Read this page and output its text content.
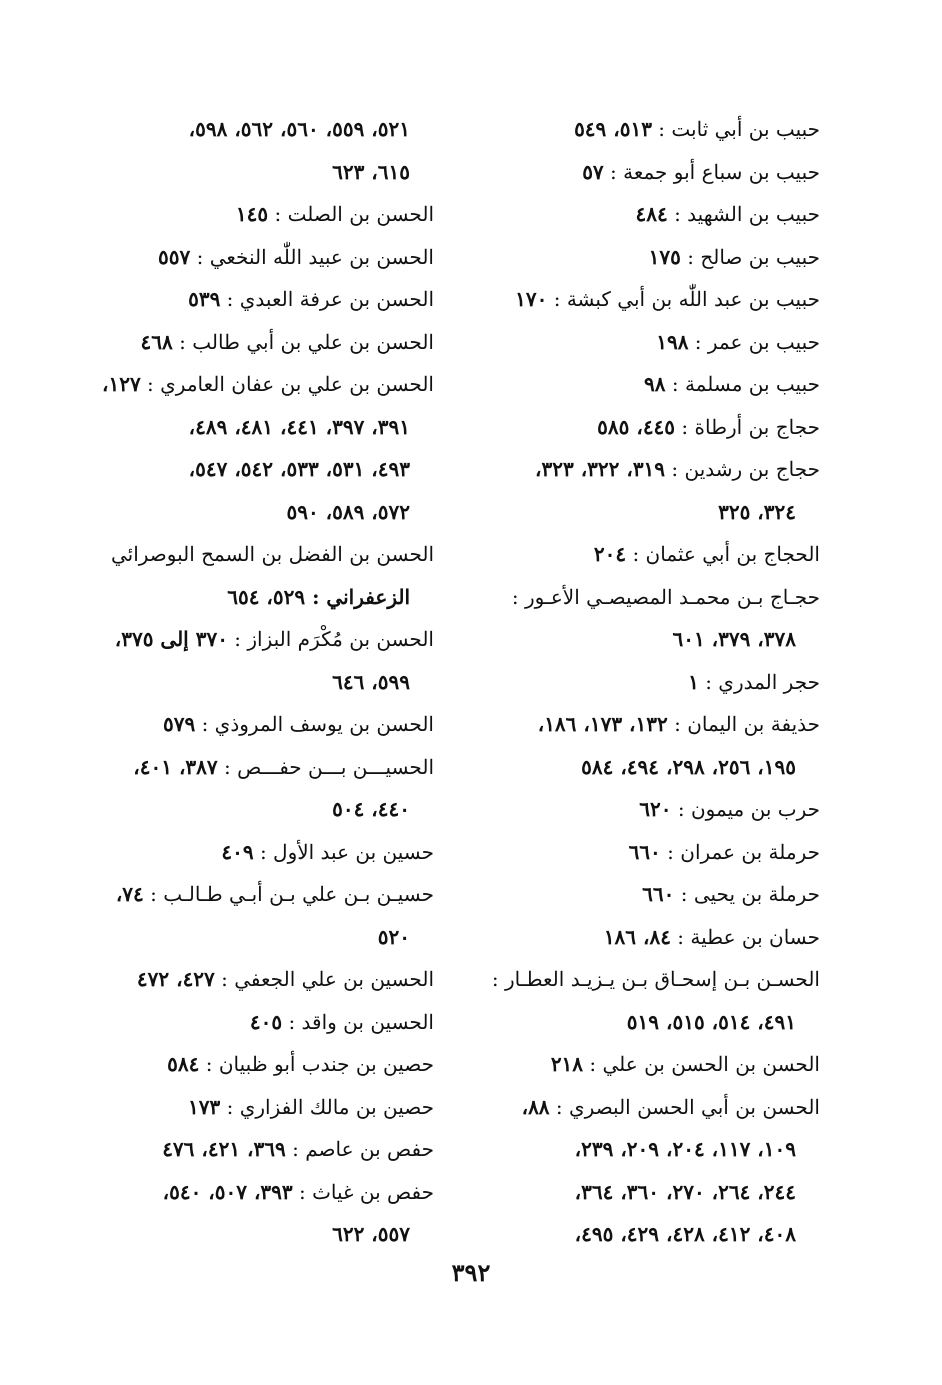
حبيب بن أبي ثابت : ٥١٣، ٥٤٩
حبيب بن سباع أبو جمعة : ٥٧
حبيب بن الشهيد : ٤٨٤
حبيب بن صالح : ١٧٥
حبيب بن عبد اللّٰه بن أبي كبشة : ١٧٠
حبيب بن عمر : ١٩٨
حبيب بن مسلمة : ٩٨
حجاج بن أرطاة : ٤٤٥، ٥٨٥
حجاج بن رشدين : ٣١٩، ٣٢٢، ٣٢٣،
٣٢٤، ٣٢٥
الحجاج بن أبي عثمان : ٢٠٤
حجـاج بـن محمـد المصيصـي الأعـور :
٣٧٨، ٣٧٩، ٦٠١
حجر المدري : ١
حذيفة بن اليمان : ١٣٢، ١٧٣، ١٨٦،
١٩٥، ٢٥٦، ٢٩٨، ٤٩٤، ٥٨٤
حرب بن ميمون : ٦٢٠
حرملة بن عمران : ٦٦٠
حرملة بن يحيى : ٦٦٠
حسان بن عطية : ٨٤، ١٨٦
الحسـن بـن إسحـاق بـن يـزيـد العطـار :
٤٩١، ٥١٤، ٥١٥، ٥١٩
الحسن بن الحسن بن علي : ٢١٨
الحسن بن أبي الحسن البصري : ٨٨،
١٠٩، ١١٧، ٢٠٤، ٢٠٩، ٢٣٩،
٢٤٤، ٢٦٤، ٢٧٠، ٣٦٠، ٣٦٤،
٤٠٨، ٤١٢، ٤٢٨، ٤٢٩، ٤٩٥،
٥٢١، ٥٥٩، ٥٦٠، ٥٦٢، ٥٩٨،
٦١٥، ٦٢٣
الحسن بن الصلت : ١٤٥
الحسن بن عبيد اللّٰه النخعي : ٥٥٧
الحسن بن عرفة العبدي : ٥٣٩
الحسن بن علي بن أبي طالب : ٤٦٨
الحسن بن علي بن عفان العامري : ١٢٧،
٣٩١، ٣٩٧، ٤٤١، ٤٨١، ٤٨٩،
٤٩٣، ٥٣١، ٥٣٣، ٥٤٢، ٥٤٧،
٥٧٢، ٥٨٩، ٥٩٠
الحسن بن الفضل بن السمح البوصرائي
الزعفراني : ٥٢٩، ٦٥٤
الحسن بن مُكْرَم البزاز : ٣٧٠ إلى ٣٧٥،
٥٩٩، ٦٤٦
الحسن بن يوسف المروذي : ٥٧٩
الحسيـــن بـــن حفـــص : ٣٨٧، ٤٠١،
٤٤٠، ٥٠٤
حسين بن عبد الأول : ٤٠٩
حسيـن بـن علي بـن أبـي طـالـب : ٧٤،
٥٢٠
الحسين بن علي الجعفي : ٤٢٧، ٤٧٢
الحسين بن واقد : ٤٠٥
حصين بن جندب أبو ظبيان : ٥٨٤
حصين بن مالك الفزاري : ١٧٣
حفص بن عاصم : ٣٦٩، ٤٢١، ٤٧٦
حفص بن غياث : ٣٩٣، ٥٠٧، ٥٤٠،
٥٥٧، ٦٢٢
٣٩٢
